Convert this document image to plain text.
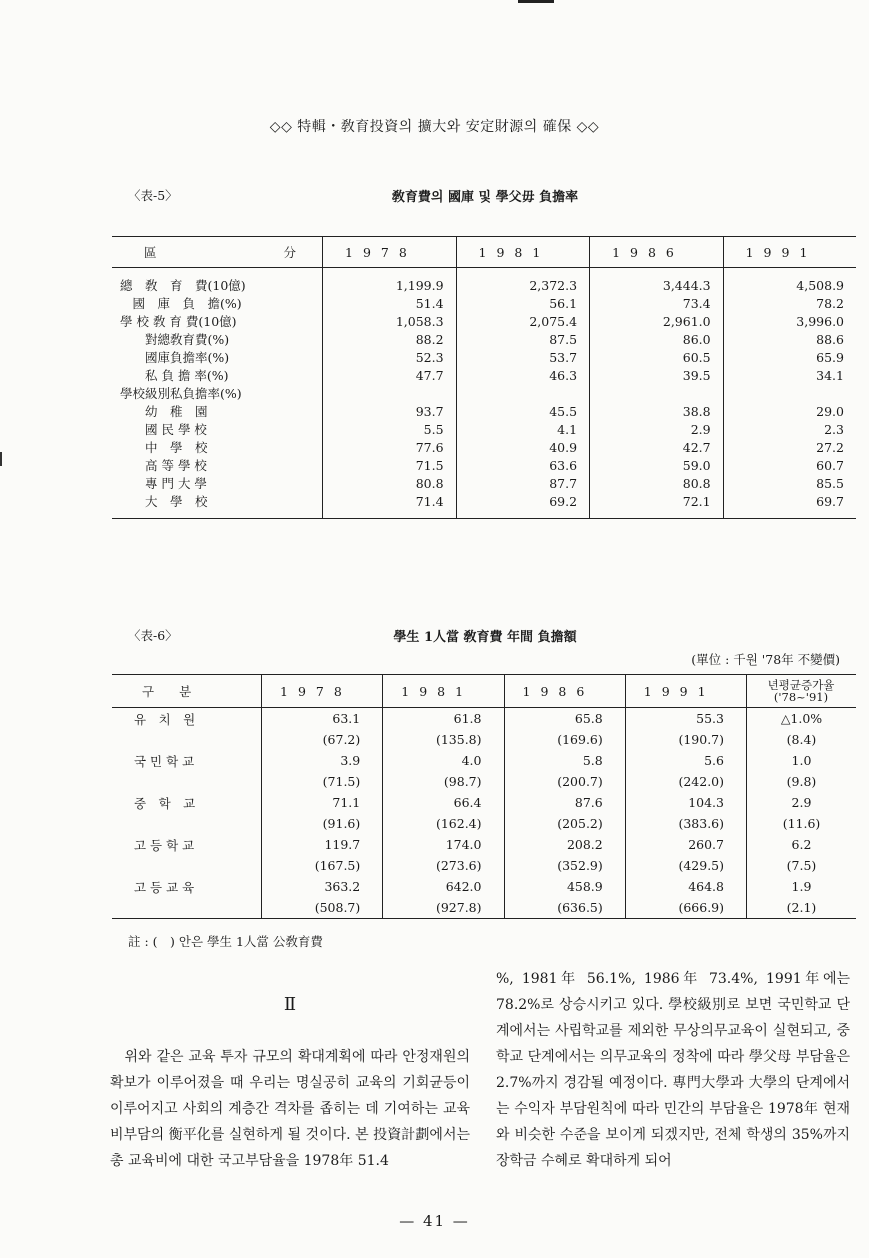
◇◇ 特輯・敎育投資의 擴大와 安定財源의 確保 ◇◇
〈表-5〉	敎育費의 國庫 및 學父毋 負擔率
區 分	1978	1981	1986	1991
總　敎　育　費(10億)	1,199.9	2,372.3	3,444.3	4,508.9
　國　庫　負　擔(%)	51.4	56.1	73.4	78.2
學 校 敎 育 費(10億)	1,058.3	2,075.4	2,961.0	3,996.0
　　對總敎育費(%)	88.2	87.5	86.0	88.6
　　國庫負擔率(%)	52.3	53.7	60.5	65.9
　　私 負 擔 率(%)	47.7	46.3	39.5	34.1
學校級別私負擔率(%)				
　　幼　稚　園	93.7	45.5	38.8	29.0
　　國 民 學 校	5.5	4.1	2.9	2.3
　　中　學　校	77.6	40.9	42.7	27.2
　　高 等 學 校	71.5	63.6	59.0	60.7
　　專 門 大 學	80.8	87.7	80.8	85.5
　　大　學　校	71.4	69.2	72.1	69.7
〈表-6〉	學生 1人當 敎育費 年間 負擔額
(單位 : 千원 '78年 不變價)
구　　분	1978	1981	1986	1991	년평균증가율
('78~'91)

유　치　원	63.1	61.8	65.8	55.3	△1.0%
	(67.2)	(135.8)	(169.6)	(190.7)	(8.4)
국 민 학 교	3.9	4.0	5.8	5.6	1.0
	(71.5)	(98.7)	(200.7)	(242.0)	(9.8)
중　학　교	71.1	66.4	87.6	104.3	2.9
	(91.6)	(162.4)	(205.2)	(383.6)	(11.6)
고 등 학 교	119.7	174.0	208.2	260.7	6.2
	(167.5)	(273.6)	(352.9)	(429.5)	(7.5)
고 등 교 육	363.2	642.0	458.9	464.8	1.9
	(508.7)	(927.8)	(636.5)	(666.9)	(2.1)
註 : (　) 안은 學生 1人當 公敎育費
Ⅱ
　위와 같은 교육 투자 규모의 확대계획에 따라 안정재원의 확보가 이루어졌을 때 우리는 명실공히 교육의 기회균등이 이루어지고 사회의 계층간 격차를 좁히는 데 기여하는 교육비부담의 衡平化를 실현하게 될 것이다. 본 投資計劃에서는 총 교육비에 대한 국고부담율을 1978年 51.4
%, 1981年 56.1%, 1986年 73.4%, 1991年에는 78.2%로 상승시키고 있다. 學校級別로 보면 국민학교 단계에서는 사립학교를 제외한 무상의무교육이 실현되고, 중학교 단계에서는 의무교육의 정착에 따라 學父母 부담율은 2.7%까지 경감될 예정이다. 專門大學과 大學의 단계에서는 수익자 부담원칙에 따라 민간의 부담율은 1978年 현재와 비슷한 수준을 보이게 되겠지만, 전체 학생의 35%까지 장학금 수혜로 확대하게 되어
— 41 —
